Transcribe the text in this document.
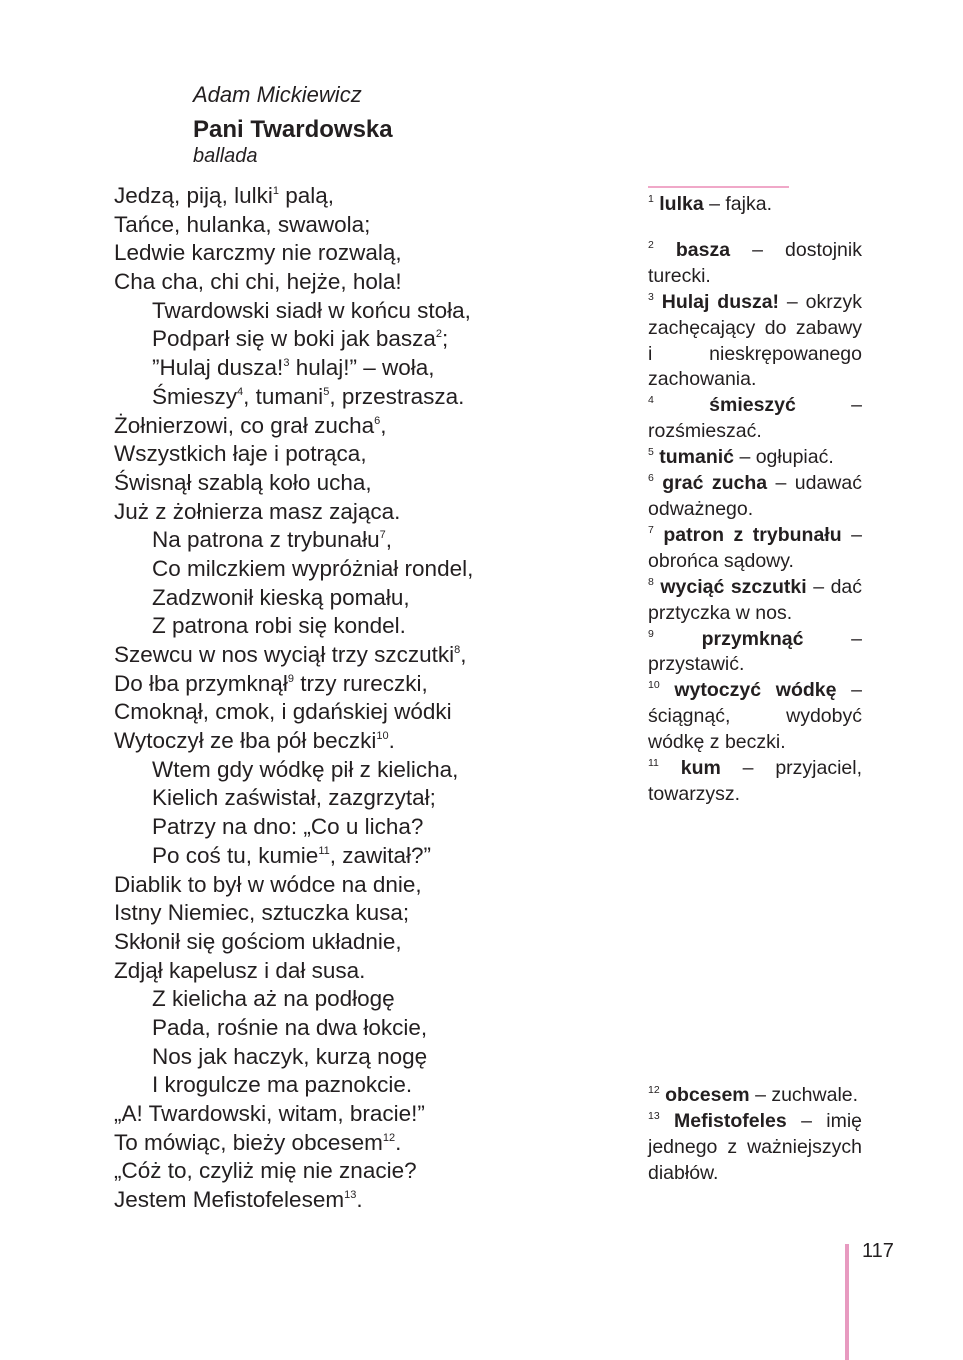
Adam Mickiewicz
Pani Twardowska
ballada
Jedzą, piją, lulki$^1$ palą,
Tańce, hulanka, swawola;
Ledwie karczmy nie rozwalą,
Cha cha, chi chi, hejże, hola!
Twardowski siadł w końcu stoła,
Podparł się w boki jak basza$^2$;
”Hulaj dusza!$^3$ hulaj!” – woła,
Śmieszy$^4$, tumani$^5$, przestrasza.
Żołnierzowi, co grał zucha$^6$,
Wszystkich łaje i potrąca,
Świsnął szablą koło ucha,
Już z żołnierza masz zająca.
Na patrona z trybunału$^7$,
Co milczkiem wypróżniał rondel,
Zadzwonił kieską pomału,
Z patrona robi się kondel.
Szewcu w nos wyciął trzy szczutki$^8$,
Do łba przymknął$^9$ trzy rureczki,
Cmoknął, cmok, i gdańskiej wódki
Wytoczył ze łba pół beczki$^{10}$.
Wtem gdy wódkę pił z kielicha,
Kielich zaświstał, zazgrzytał;
Patrzy na dno: „Co u licha?
Po coś tu, kumie$^{11}$, zawitał?”
Diablik to był w wódce na dnie,
Istny Niemiec, sztuczka kusa;
Skłonił się gościom układnie,
Zdjął kapelusz i dał susa.
Z kielicha aż na podłogę
Pada, rośnie na dwa łokcie,
Nos jak haczyk, kurzą nogę
I krogulcze ma paznokcie.
„A! Twardowski, witam, bracie!”
To mówiąc, bieży obcesem$^{12}$.
„Cóż to, czyliż mię nie znacie?
Jestem Mefistofelesem$^{13}$.
$^1$ lulka – fajka.
$^2$ basza – dostojnik turecki.
$^3$ Hulaj dusza! – okrzyk zachęcający do zabawy i nieskrępowanego zachowania.
$^4$	śmieszyć – rozśmieszać.
$^5$ tumanić – ogłupiać.
$^6$ grać zucha – udawać odważnego.
$^7$ patron z trybunału – obrońca sądowy.
$^8$ wyciąć szczutki – dać prztyczka w nos.
$^9$ przymknąć – przystawić.
$^{10}$ wytoczyć wódkę – ściągnąć, wydobyć wódkę z beczki.
$^{11}$ kum – przyjaciel, towarzysz.
$^{12}$ obcesem – zuchwale.
$^{13}$ Mefistofeles – imię jednego z ważniejszych diabłów.
117
